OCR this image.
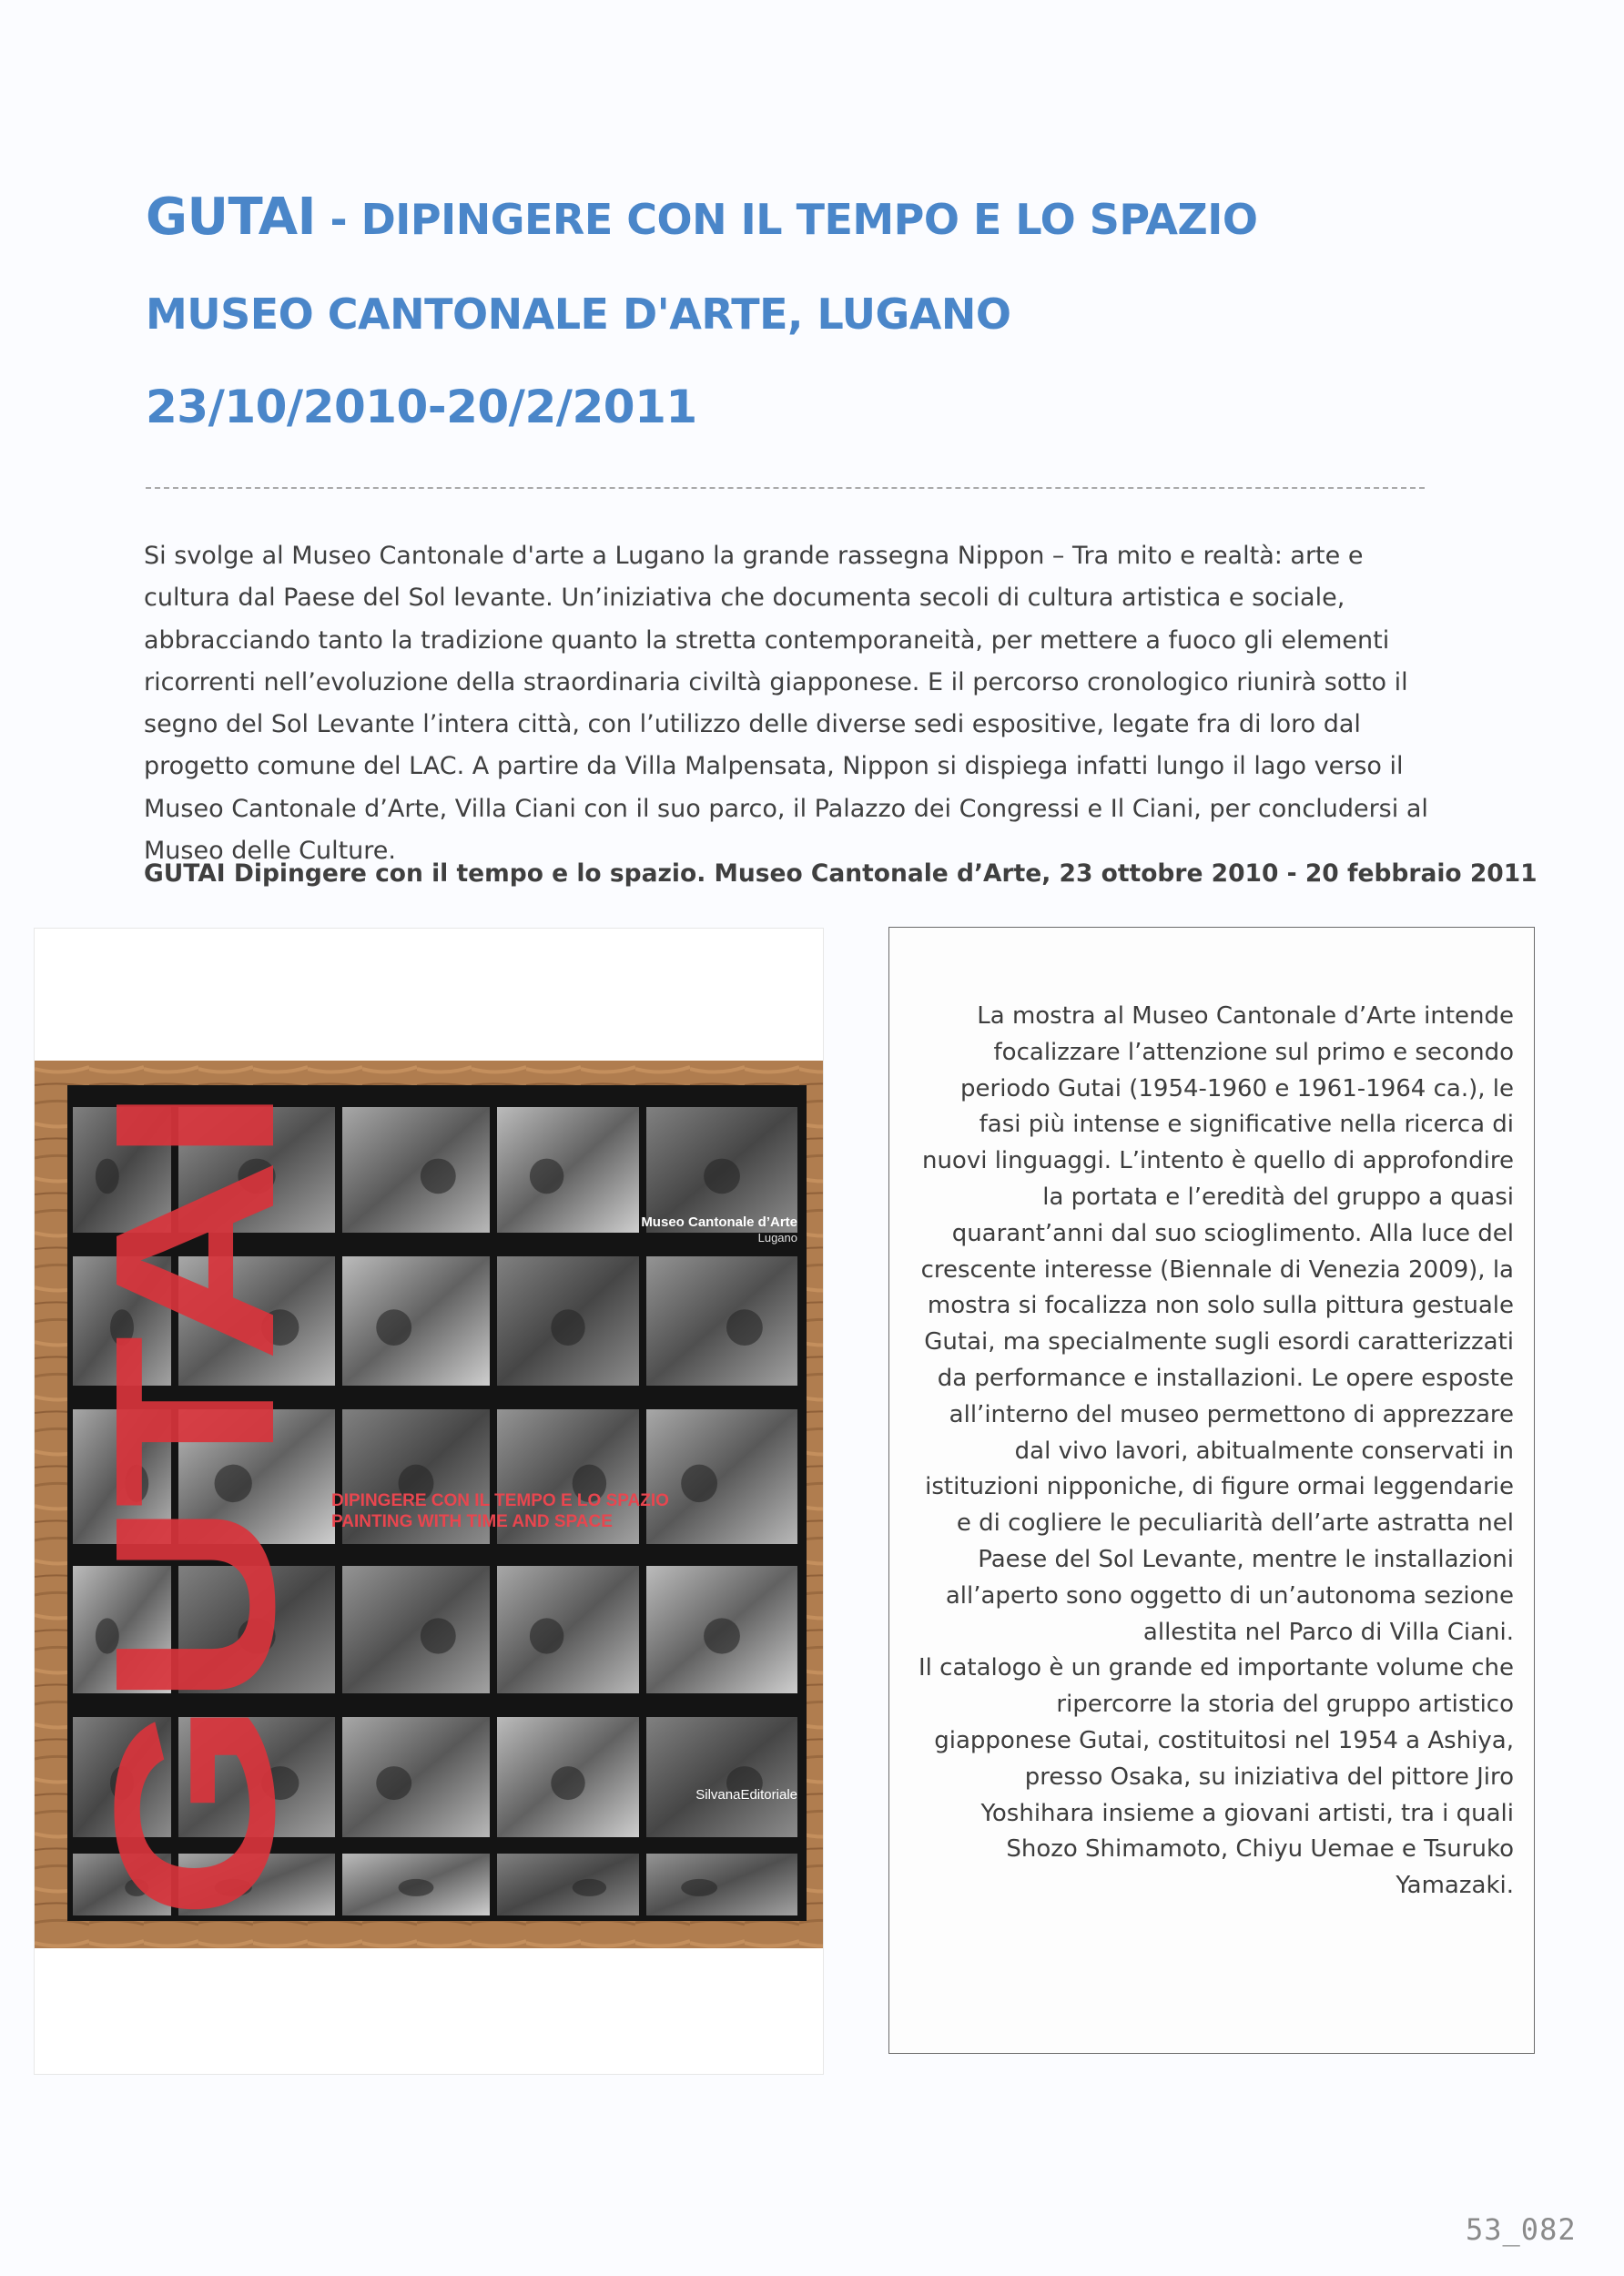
GUTAI - DIPINGERE CON IL TEMPO E LO SPAZIO
MUSEO CANTONALE D'ARTE, LUGANO
23/10/2010-20/2/2011
Si svolge al Museo Cantonale d'arte a Lugano la grande rassegna Nippon – Tra mito e realtà: arte e cultura dal Paese del Sol levante. Un’iniziativa che documenta secoli di cultura artistica e sociale, abbracciando tanto la tradizione quanto la stretta contemporaneità, per mettere a fuoco gli elementi ricorrenti nell’evoluzione della straordinaria civiltà giapponese. E il percorso cronologico riunirà sotto il segno del Sol Levante l’intera città, con l’utilizzo delle diverse sedi espositive, legate fra di loro dal progetto comune del LAC. A partire da Villa Malpensata, Nippon si dispiega infatti lungo il lago verso il Museo Cantonale d’Arte, Villa Ciani con il suo parco, il Palazzo dei Congressi e Il Ciani, per concludersi al Museo delle Culture.
GUTAI Dipingere con il tempo e lo spazio. Museo Cantonale d’Arte, 23 ottobre 2010 - 20 febbraio 2011
GUTAI
Museo Cantonale d’Arte
Lugano
DIPINGERE CON IL TEMPO E LO SPAZIO
PAINTING WITH TIME AND SPACE
SilvanaEditoriale
La mostra al Museo Cantonale d’Arte intende focalizzare l’attenzione sul primo e secondo periodo Gutai (1954-1960 e 1961-1964 ca.), le fasi più intense e significative nella ricerca di nuovi linguaggi. L’intento è quello di approfondire la portata e l’eredità del gruppo a quasi quarant’anni dal suo scioglimento. Alla luce del crescente interesse (Biennale di Venezia 2009), la mostra si focalizza non solo sulla pittura gestuale Gutai, ma specialmente sugli esordi caratterizzati da performance e installazioni. Le opere esposte all’interno del museo permettono di apprezzare dal vivo lavori, abitualmente conservati in istituzioni nipponiche, di figure ormai leggendarie e di cogliere le peculiarità dell’arte astratta nel Paese del Sol Levante, mentre le installazioni all’aperto sono oggetto di un’autonoma sezione allestita nel Parco di Villa Ciani.
Il catalogo è un grande ed importante volume che ripercorre la storia del gruppo artistico giapponese Gutai, costituitosi nel 1954 a Ashiya, presso Osaka, su iniziativa del pittore Jiro Yoshihara insieme a giovani artisti, tra i quali Shozo Shimamoto, Chiyu Uemae e Tsuruko Yamazaki.
53_082
